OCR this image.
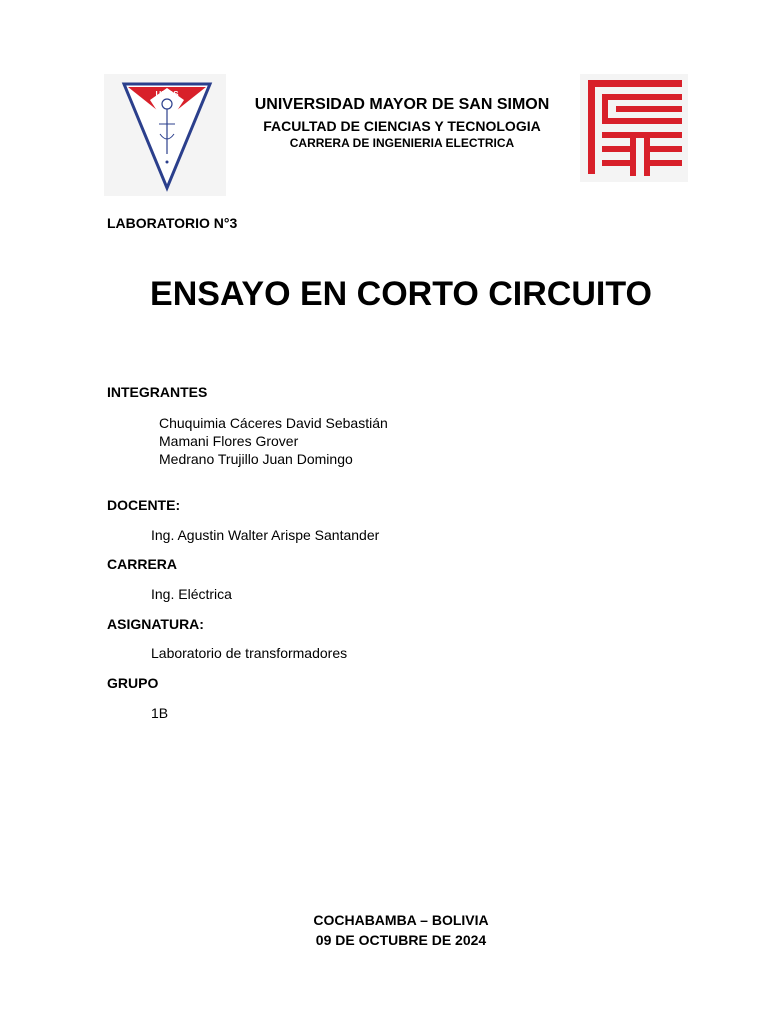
UMSS
UNIVERSIDAD MAYOR DE SAN SIMON
FACULTAD DE CIENCIAS Y TECNOLOGIA
CARRERA DE INGENIERIA ELECTRICA
LABORATORIO N°3
ENSAYO EN CORTO CIRCUITO
INTEGRANTES
Chuquimia Cáceres David Sebastián
Mamani Flores Grover
Medrano Trujillo Juan Domingo
DOCENTE:
Ing. Agustin Walter Arispe Santander
CARRERA
Ing. Eléctrica
ASIGNATURA:
Laboratorio de transformadores
GRUPO
1B
COCHABAMBA – BOLIVIA
09 DE OCTUBRE DE 2024
